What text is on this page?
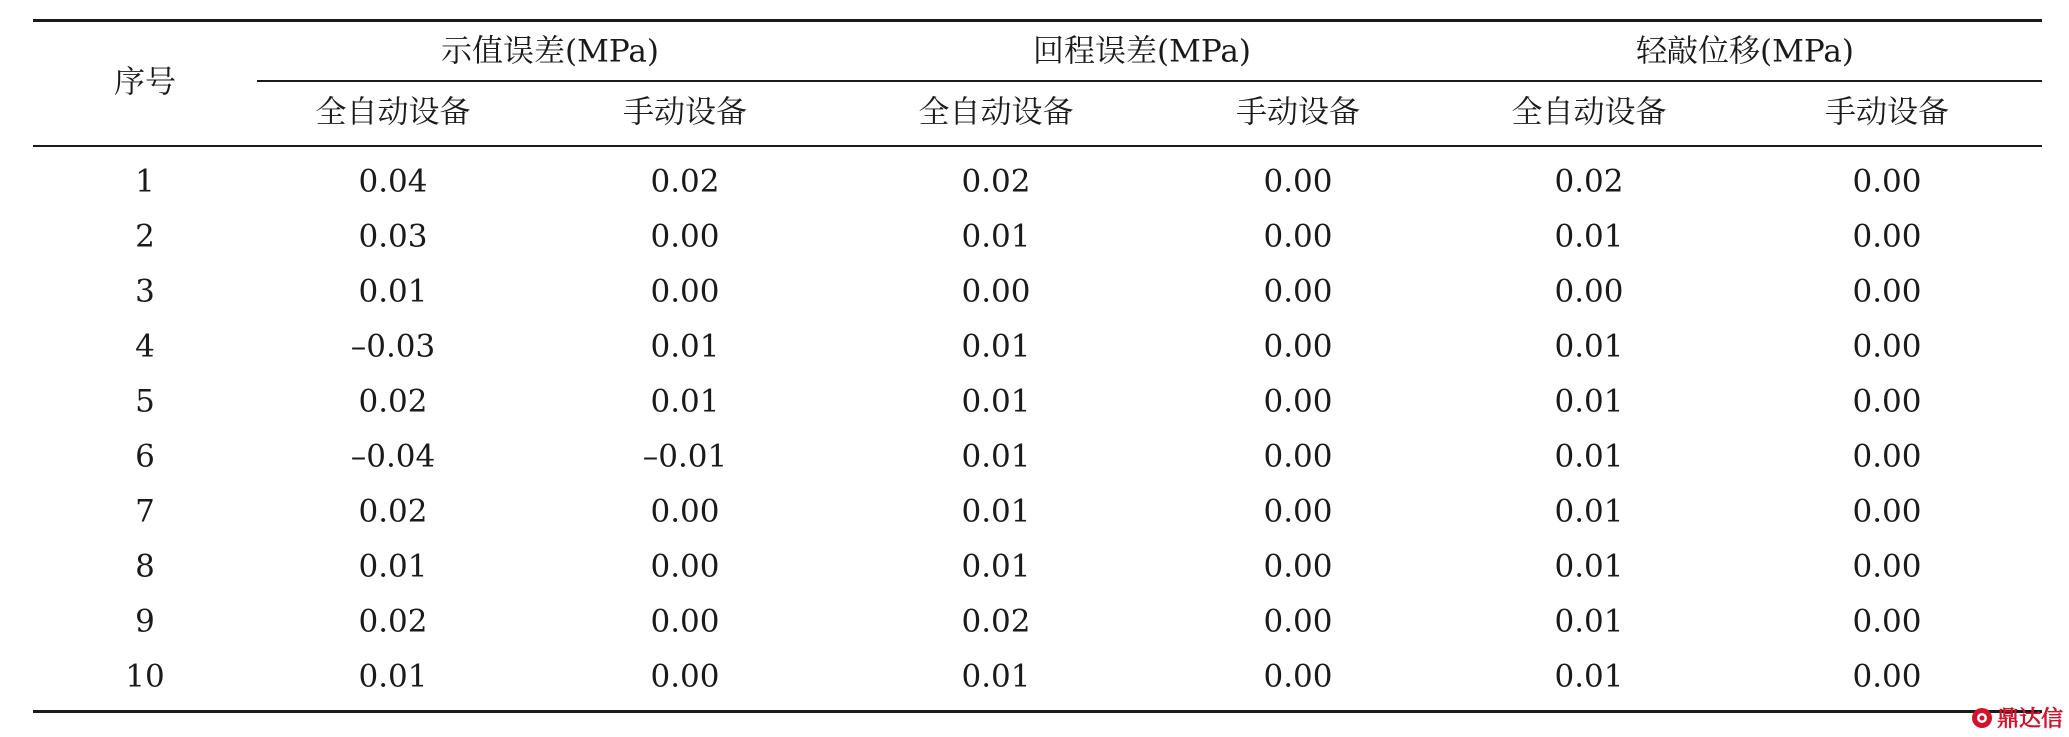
序号
示值误差(MPa)	回程误差(MPa)	轻敲位移(MPa)
全自动设备	手动设备	全自动设备	手动设备	全自动设备	手动设备
1	0.04	0.02	0.02	0.00	0.02	0.00
2	0.03	0.00	0.01	0.00	0.01	0.00
3	0.01	0.00	0.00	0.00	0.00	0.00
4	–0.03	0.01	0.01	0.00	0.01	0.00
5	0.02	0.01	0.01	0.00	0.01	0.00
6	–0.04	–0.01	0.01	0.00	0.01	0.00
7	0.02	0.00	0.01	0.00	0.01	0.00
8	0.01	0.00	0.01	0.00	0.01	0.00
9	0.02	0.00	0.02	0.00	0.01	0.00
10	0.01	0.00	0.01	0.00	0.01	0.00
鼎达信
